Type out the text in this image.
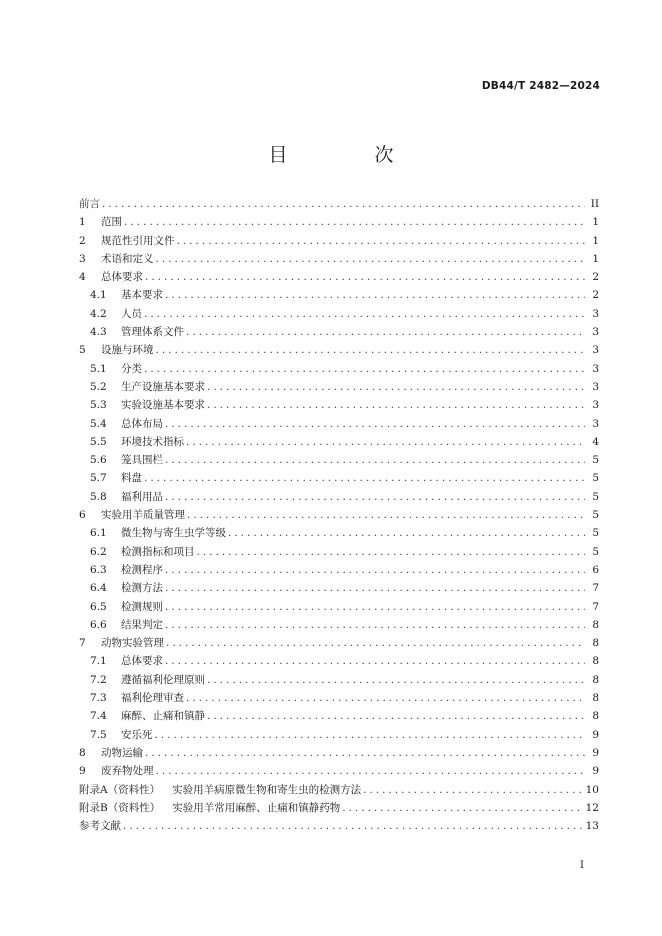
DB44/T 2482—2024
目　次
前言 .....	II
1	范围 .....	1
2	规范性引用文件 .....	1
3	术语和定义 .....	1
4	总体要求 .....	2
4.1	基本要求 .....	2
4.2	人员 .....	3
4.3	管理体系文件 .....	3
5	设施与环境 .....	3
5.1	分类 .....	3
5.2	生产设施基本要求 .....	3
5.3	实验设施基本要求 .....	3
5.4	总体布局 .....	3
5.5	环境技术指标 .....	4
5.6	笼具围栏 .....	5
5.7	料盘 .....	5
5.8	福利用品 .....	5
6	实验用羊质量管理 .....	5
6.1	微生物与寄生虫学等级 .....	5
6.2	检测指标和项目 .....	5
6.3	检测程序 .....	6
6.4	检测方法 .....	7
6.5	检测规则 .....	7
6.6	结果判定 .....	8
7	动物实验管理 .....	8
7.1	总体要求 .....	8
7.2	遵循福利伦理原则 .....	8
7.3	福利伦理审查 .....	8
7.4	麻醉、止痛和镇静 .....	8
7.5	安乐死 .....	9
8	动物运输 .....	9
9	废弃物处理 .....	9
附录A（资料性） 实验用羊病原微生物和寄生虫的检测方法 .....	10
附录B（资料性） 实验用羊常用麻醉、止痛和镇静药物 .....	12
参考文献 .....	13
I
